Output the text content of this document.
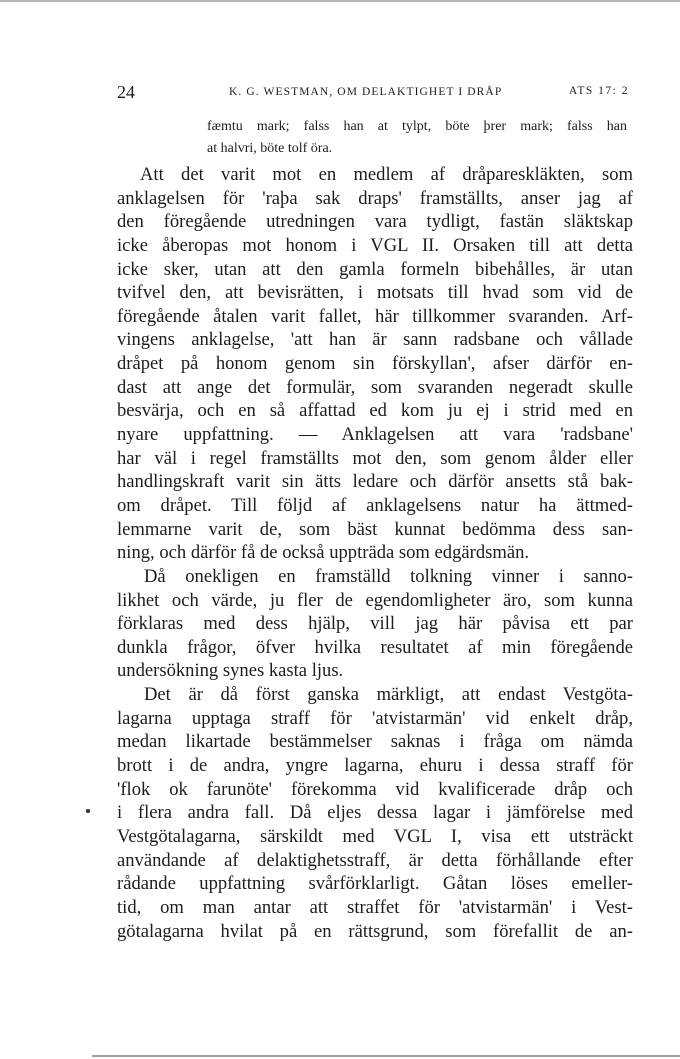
24	K. G. WESTMAN, OM DELAKTIGHET I DRÅP	ATS 17: 2
fæmtu mark; falss han at tylpt, böte þrer mark; falss han
at halvri, böte tolf öra.
Att det varit mot en medlem af dråpareskläkten, som
anklagelsen för 'raþa sak draps' framställts, anser jag af
den föregående utredningen vara tydligt, fastän släktskap
icke åberopas mot honom i VGL II. Orsaken till att detta
icke sker, utan att den gamla formeln bibehålles, är utan
tvifvel den, att bevisrätten, i motsats till hvad som vid de
föregående åtalen varit fallet, här tillkommer svaranden. Arf-
vingens anklagelse, 'att han är sann radsbane och vållade
dråpet på honom genom sin förskyllan', afser därför en-
dast att ange det formulär, som svaranden negeradt skulle
besvärja, och en så affattad ed kom ju ej i strid med en
nyare uppfattning. — Anklagelsen att vara 'radsbane'
har väl i regel framställts mot den, som genom ålder eller
handlingskraft varit sin ätts ledare och därför ansetts stå bak-
om dråpet. Till följd af anklagelsens natur ha ättmed-
lemmarne varit de, som bäst kunnat bedömma dess san-
ning, och därför få de också uppträda som edgärdsmän.
Då onekligen en framställd tolkning vinner i sanno-
likhet och värde, ju fler de egendomligheter äro, som kunna
förklaras med dess hjälp, vill jag här påvisa ett par
dunkla frågor, öfver hvilka resultatet af min föregående
undersökning synes kasta ljus.
Det är då först ganska märkligt, att endast Vestgöta-
lagarna upptaga straff för 'atvistarmän' vid enkelt dråp,
medan likartade bestämmelser saknas i fråga om nämda
brott i de andra, yngre lagarna, ehuru i dessa straff för
'flok ok farunöte' förekomma vid kvalificerade dråp och
i flera andra fall. Då eljes dessa lagar i jämförelse med
Vestgötalagarna, särskildt med VGL I, visa ett utsträckt
användande af delaktighetsstraff, är detta förhållande efter
rådande uppfattning svårförklarligt. Gåtan löses emeller-
tid, om man antar att straffet för 'atvistarmän' i Vest-
götalagarna hvilat på en rättsgrund, som förefallit de an-
